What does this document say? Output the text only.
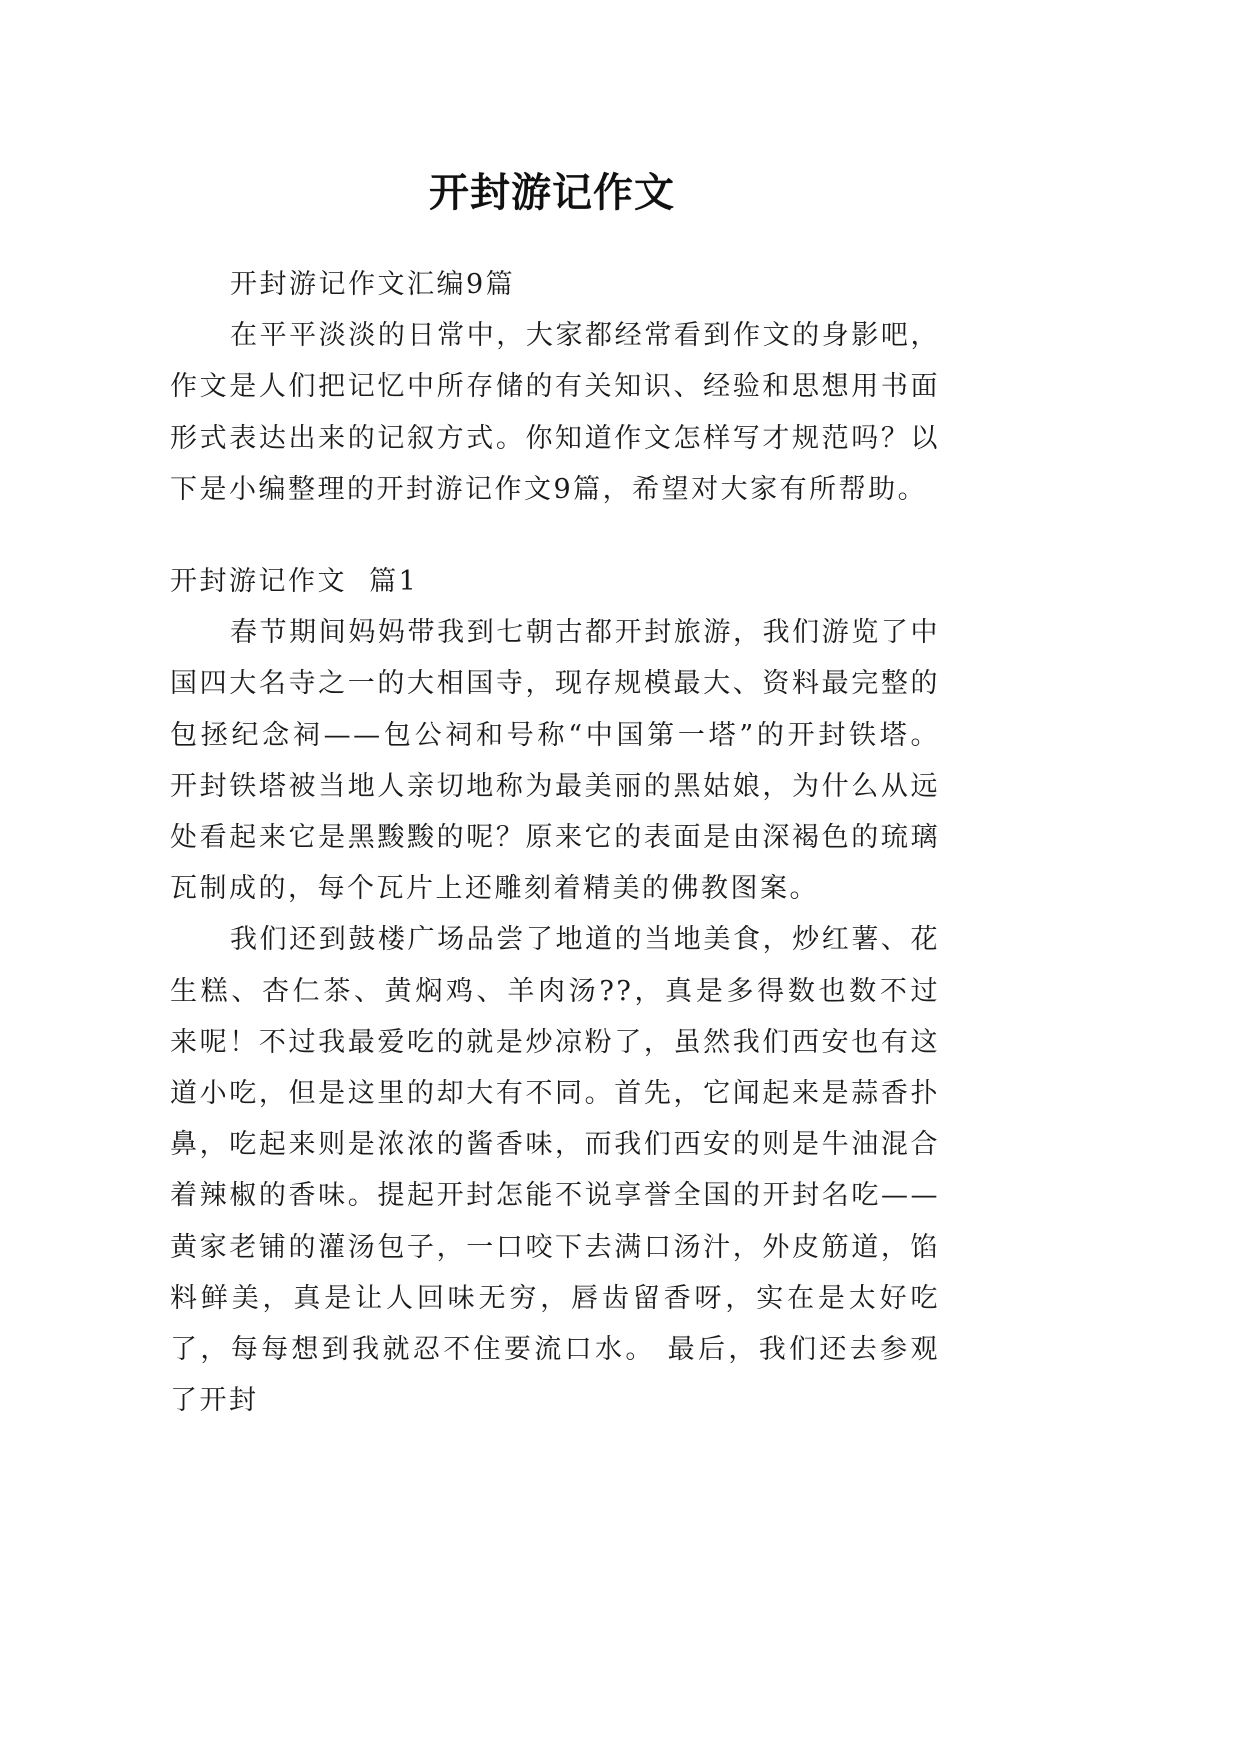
开封游记作文

开封游记作文汇编9篇

在平平淡淡的日常中，大家都经常看到作文的身影吧，作文是人们把记忆中所存储的有关知识、经验和思想用书面形式表达出来的记叙方式。你知道作文怎样写才规范吗？以下是小编整理的开封游记作文9篇，希望对大家有所帮助。

开封游记作文  篇1

春节期间妈妈带我到七朝古都开封旅游，我们游览了中国四大名寺之一的大相国寺，现存规模最大、资料最完整的包拯纪念祠——包公祠和号称“中国第一塔”的开封铁塔。开封铁塔被当地人亲切地称为最美丽的黑姑娘，为什么从远处看起来它是黑黢黢的呢？原来它的表面是由深褐色的琉璃瓦制成的，每个瓦片上还雕刻着精美的佛教图案。

我们还到鼓楼广场品尝了地道的当地美食，炒红薯、花生糕、杏仁茶、黄焖鸡、羊肉汤??，真是多得数也数不过来呢！不过我最爱吃的就是炒凉粉了，虽然我们西安也有这道小吃，但是这里的却大有不同。首先，它闻起来是蒜香扑鼻，吃起来则是浓浓的酱香味，而我们西安的则是牛油混合着辣椒的香味。提起开封怎能不说享誉全国的开封名吃——黄家老铺的灌汤包子，一口咬下去满口汤汁，外皮筋道，馅料鲜美，真是让人回味无穷，唇齿留香呀，实在是太好吃了，每每想到我就忍不住要流口水。 最后，我们还去参观了开封
